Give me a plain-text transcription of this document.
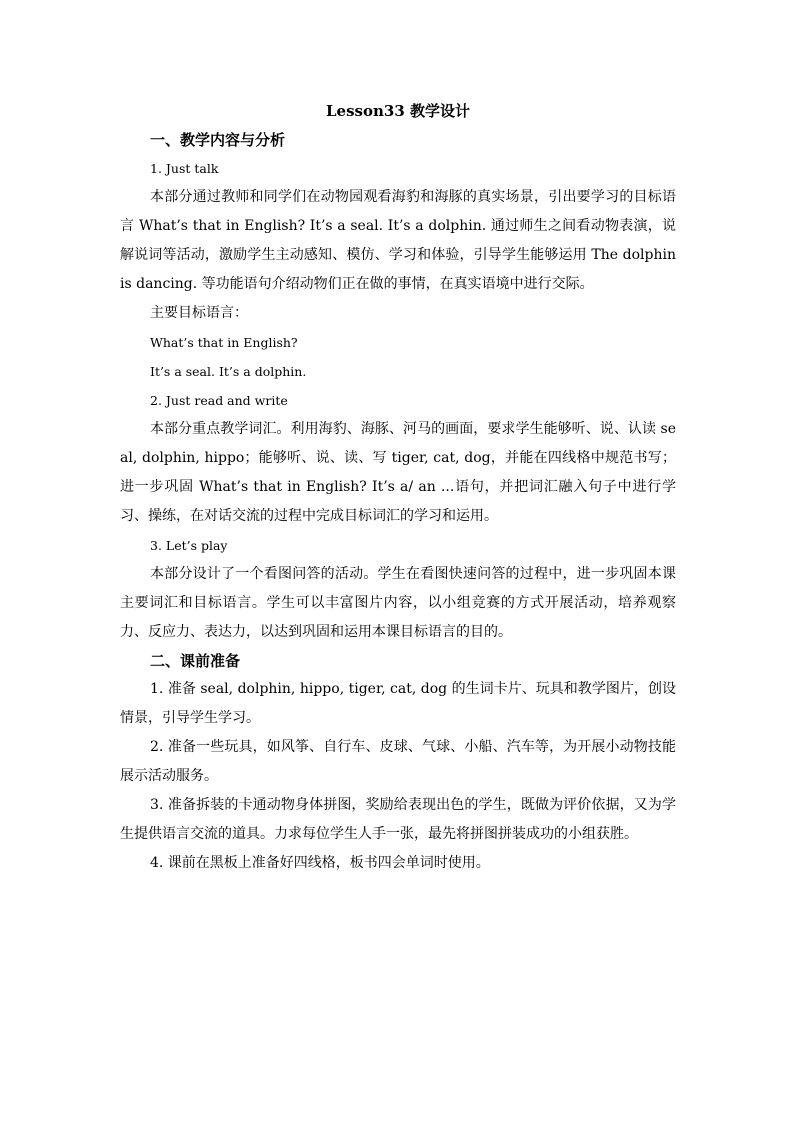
Lesson33 教学设计

一、教学内容与分析

1. Just talk

本部分通过教师和同学们在动物园观看海豹和海豚的真实场景，引出要学习的目标语言 What’s that in English? It’s a seal. It’s a dolphin. 通过师生之间看动物表演，说解说词等活动，激励学生主动感知、模仿、学习和体验，引导学生能够运用 The dolphin is dancing. 等功能语句介绍动物们正在做的事情，在真实语境中进行交际。

主要目标语言：

What’s that in English?

It’s a seal. It’s a dolphin.

2. Just read and write

本部分重点教学词汇。利用海豹、海豚、河马的画面，要求学生能够听、说、认读 seal, dolphin, hippo；能够听、说、读、写 tiger, cat, dog，并能在四线格中规范书写；进一步巩固 What’s that in English? It’s a/ an ...语句，并把词汇融入句子中进行学习、操练，在对话交流的过程中完成目标词汇的学习和运用。

3. Let’s play

本部分设计了一个看图问答的活动。学生在看图快速问答的过程中，进一步巩固本课主要词汇和目标语言。学生可以丰富图片内容，以小组竞赛的方式开展活动，培养观察力、反应力、表达力，以达到巩固和运用本课目标语言的目的。

二、课前准备

1. 准备 seal, dolphin, hippo, tiger, cat, dog 的生词卡片、玩具和教学图片，创设情景，引导学生学习。

2. 准备一些玩具，如风筝、自行车、皮球、气球、小船、汽车等，为开展小动物技能展示活动服务。

3. 准备拆装的卡通动物身体拼图，奖励给表现出色的学生，既做为评价依据，又为学生提供语言交流的道具。力求每位学生人手一张，最先将拼图拼装成功的小组获胜。

4. 课前在黑板上准备好四线格，板书四会单词时使用。
